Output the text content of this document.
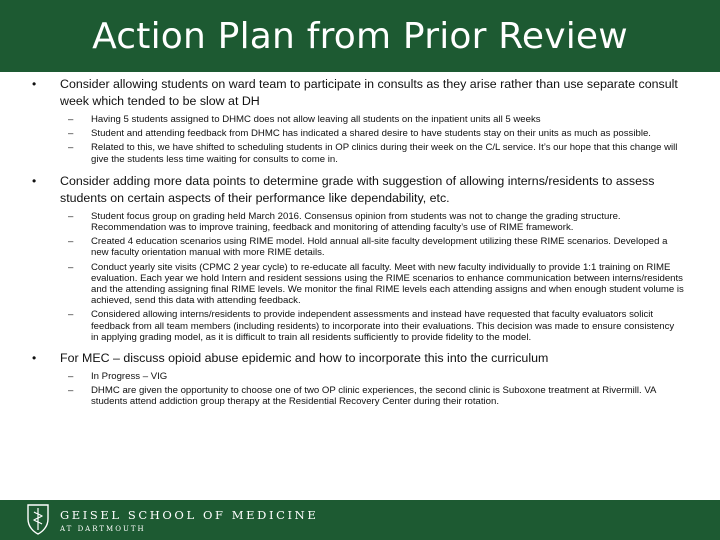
Action Plan from Prior Review
• Consider allowing students on ward team to participate in consults as they arise rather than use separate consult week which tended to be slow at DH
– Having 5 students assigned to DHMC does not allow leaving all students on the inpatient units all 5 weeks
– Student and attending feedback from DHMC has indicated a shared desire to have students stay on their units as much as possible.
– Related to this, we have shifted to scheduling students in OP clinics during their week on the C/L service. It’s our hope that this change will give the students less time waiting for consults to come in.
• Consider adding more data points to determine grade with suggestion of allowing interns/residents to assess students on certain aspects of their performance like dependability, etc.
– Student focus group on grading held March 2016. Consensus opinion from students was not to change the grading structure. Recommendation was to improve training, feedback and monitoring of attending faculty’s use of RIME framework.
– Created 4 education scenarios using RIME model. Hold annual all-site faculty development utilizing these RIME scenarios. Developed a new faculty orientation manual with more RIME details.
– Conduct yearly site visits (CPMC 2 year cycle) to re-educate all faculty. Meet with new faculty individually to provide 1:1 training on RIME evaluation. Each year we hold Intern and resident sessions using the RIME scenarios to enhance communication between interns/residents and the attending assigning final RIME levels. We monitor the final RIME levels each attending assigns and when enough student volume is achieved, send this data with attending feedback.
– Considered allowing interns/residents to provide independent assessments and instead have requested that faculty evaluators solicit feedback from all team members (including residents) to incorporate into their evaluations. This decision was made to ensure consistency in applying grading model, as it is difficult to train all residents sufficiently to provide fidelity to the model.
• For MEC – discuss opioid abuse epidemic and how to incorporate this into the curriculum
– In Progress – VIG
– DHMC are given the opportunity to choose one of two OP clinic experiences, the second clinic is Suboxone treatment at Rivermill. VA students attend addiction group therapy at the Residential Recovery Center during their rotation.
GEISEL SCHOOL OF MEDICINE
AT DARTMOUTH
